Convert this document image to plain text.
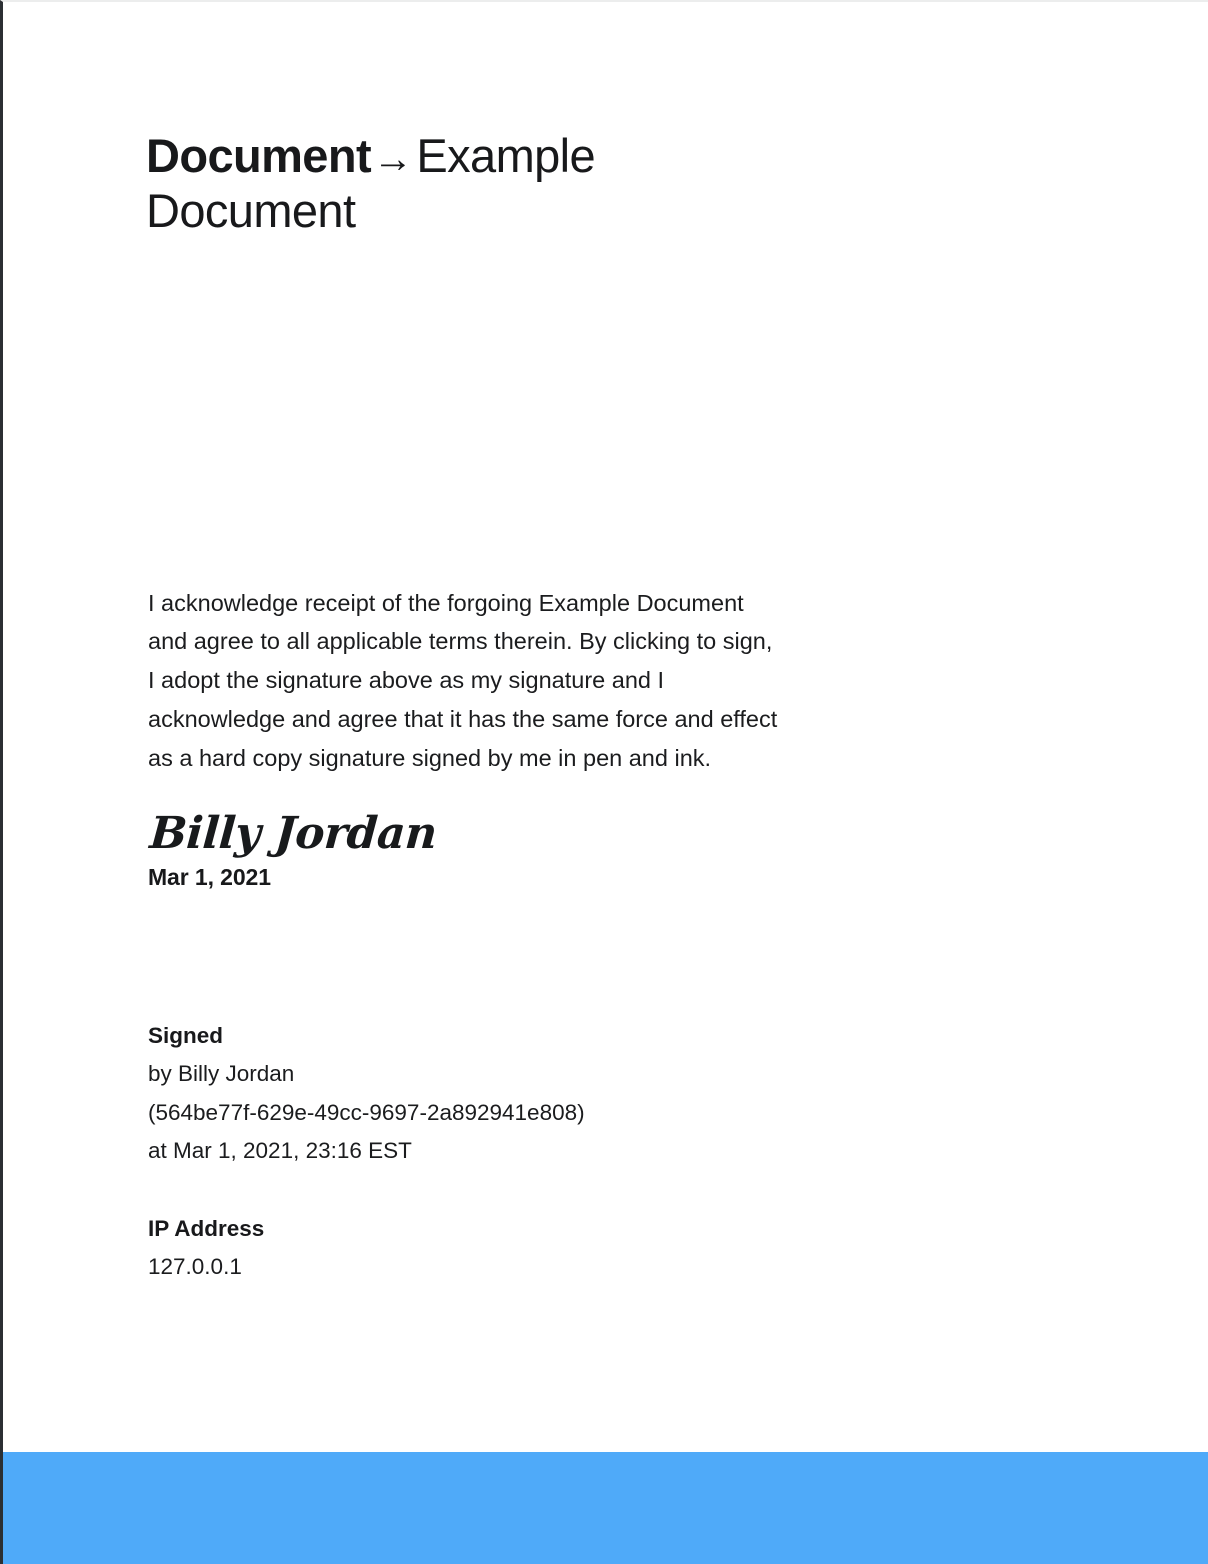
Document→Example Document

I acknowledge receipt of the forgoing Example Document and agree to all applicable terms therein. By clicking to sign, I adopt the signature above as my signature and I acknowledge and agree that it has the same force and effect as a hard copy signature signed by me in pen and ink.

Billy Jordan
Mar 1, 2021
Signed
by Billy Jordan
(564be77f-629e-49cc-9697-2a892941e808)
at Mar 1, 2021, 23:16 EST
IP Address
127.0.0.1
